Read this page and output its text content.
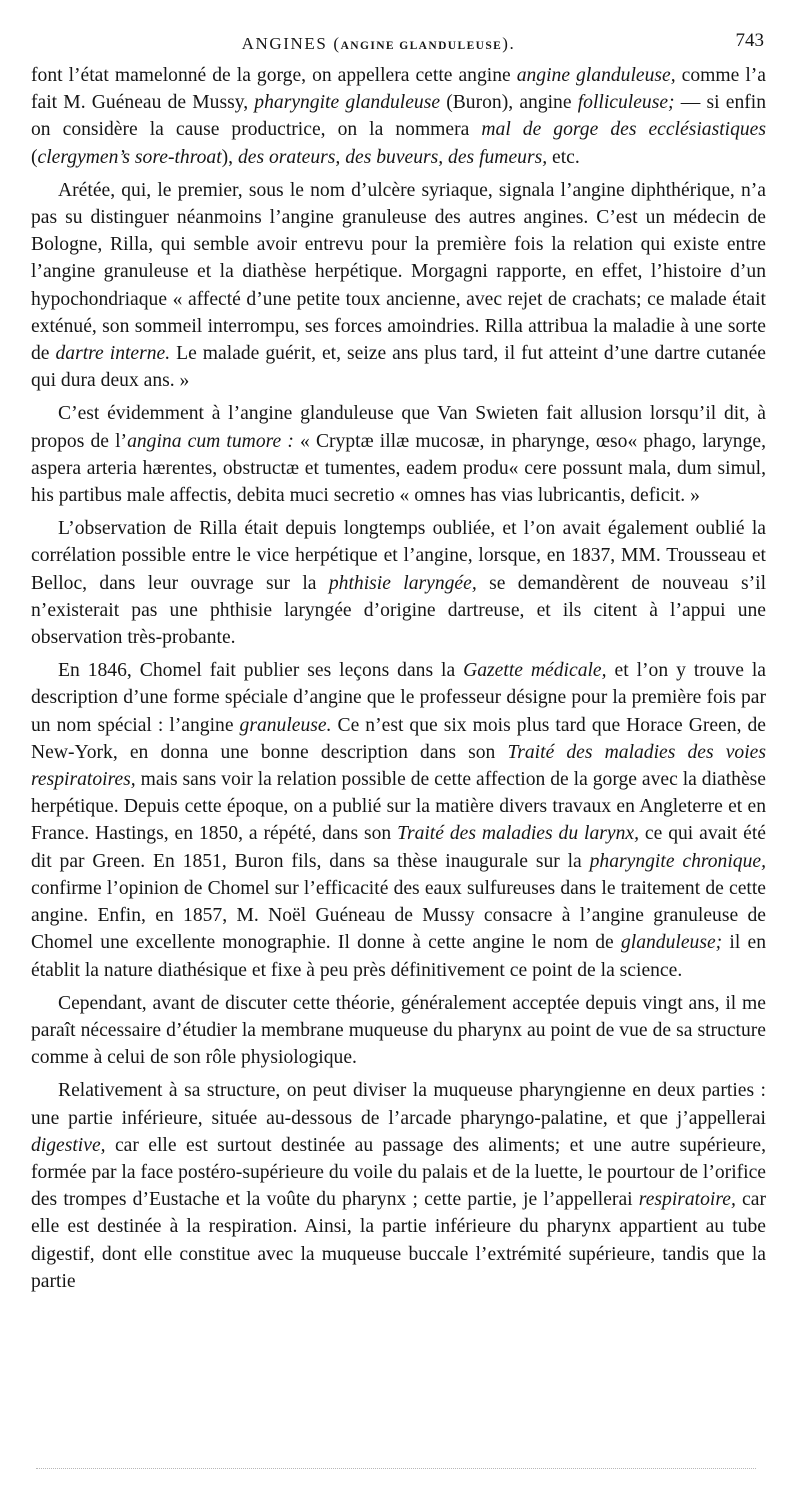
ANGINES (ANGINE GLANDULEUSE).	743

font l’état mamelonné de la gorge, on appellera cette angine angine glanduleuse, comme l’a fait M. Guéneau de Mussy, pharyngite glanduleuse (Buron), angine folliculeuse; — si enfin on considère la cause productrice, on la nommera mal de gorge des ecclésiastiques (clergymen’s sore-throat), des orateurs, des buveurs, des fumeurs, etc.

Arétée, qui, le premier, sous le nom d’ulcère syriaque, signala l’angine diphthérique, n’a pas su distinguer néanmoins l’angine granuleuse des autres angines. C’est un médecin de Bologne, Rilla, qui semble avoir entrevu pour la première fois la relation qui existe entre l’angine granuleuse et la diathèse herpétique. Morgagni rapporte, en effet, l’histoire d’un hypochondriaque « affecté d’une petite toux ancienne, avec rejet de crachats; ce malade était exténué, son sommeil interrompu, ses forces amoindries. Rilla attribua la maladie à une sorte de dartre interne. Le malade guérit, et, seize ans plus tard, il fut atteint d’une dartre cutanée qui dura deux ans. »

C’est évidemment à l’angine glanduleuse que Van Swieten fait allusion lorsqu’il dit, à propos de l’angina cum tumore : « Cryptæ illæ mucosæ, in pharynge, œso« phago, larynge, aspera arteria hærentes, obstructæ et tumentes, eadem produ« cere possunt mala, dum simul, his partibus male affectis, debita muci secretio « omnes has vias lubricantis, deficit. »

L’observation de Rilla était depuis longtemps oubliée, et l’on avait également oublié la corrélation possible entre le vice herpétique et l’angine, lorsque, en 1837, MM. Trousseau et Belloc, dans leur ouvrage sur la phthisie laryngée, se demandèrent de nouveau s’il n’existerait pas une phthisie laryngée d’origine dartreuse, et ils citent à l’appui une observation très-probante.

En 1846, Chomel fait publier ses leçons dans la Gazette médicale, et l’on y trouve la description d’une forme spéciale d’angine que le professeur désigne pour la première fois par un nom spécial : l’angine granuleuse. Ce n’est que six mois plus tard que Horace Green, de New-York, en donna une bonne description dans son Traité des maladies des voies respiratoires, mais sans voir la relation possible de cette affection de la gorge avec la diathèse herpétique. Depuis cette époque, on a publié sur la matière divers travaux en Angleterre et en France. Hastings, en 1850, a répété, dans son Traité des maladies du larynx, ce qui avait été dit par Green. En 1851, Buron fils, dans sa thèse inaugurale sur la pharyngite chronique, confirme l’opinion de Chomel sur l’efficacité des eaux sulfureuses dans le traitement de cette angine. Enfin, en 1857, M. Noël Guéneau de Mussy consacre à l’angine granuleuse de Chomel une excellente monographie. Il donne à cette angine le nom de glanduleuse; il en établit la nature diathésique et fixe à peu près définitivement ce point de la science.

Cependant, avant de discuter cette théorie, généralement acceptée depuis vingt ans, il me paraît nécessaire d’étudier la membrane muqueuse du pharynx au point de vue de sa structure comme à celui de son rôle physiologique.

Relativement à sa structure, on peut diviser la muqueuse pharyngienne en deux parties : une partie inférieure, située au-dessous de l’arcade pharyngo-palatine, et que j’appellerai digestive, car elle est surtout destinée au passage des aliments; et une autre supérieure, formée par la face postéro-supérieure du voile du palais et de la luette, le pourtour de l’orifice des trompes d’Eustache et la voûte du pharynx ; cette partie, je l’appellerai respiratoire, car elle est destinée à la respiration. Ainsi, la partie inférieure du pharynx appartient au tube digestif, dont elle constitue avec la muqueuse buccale l’extrémité supérieure, tandis que la partie
